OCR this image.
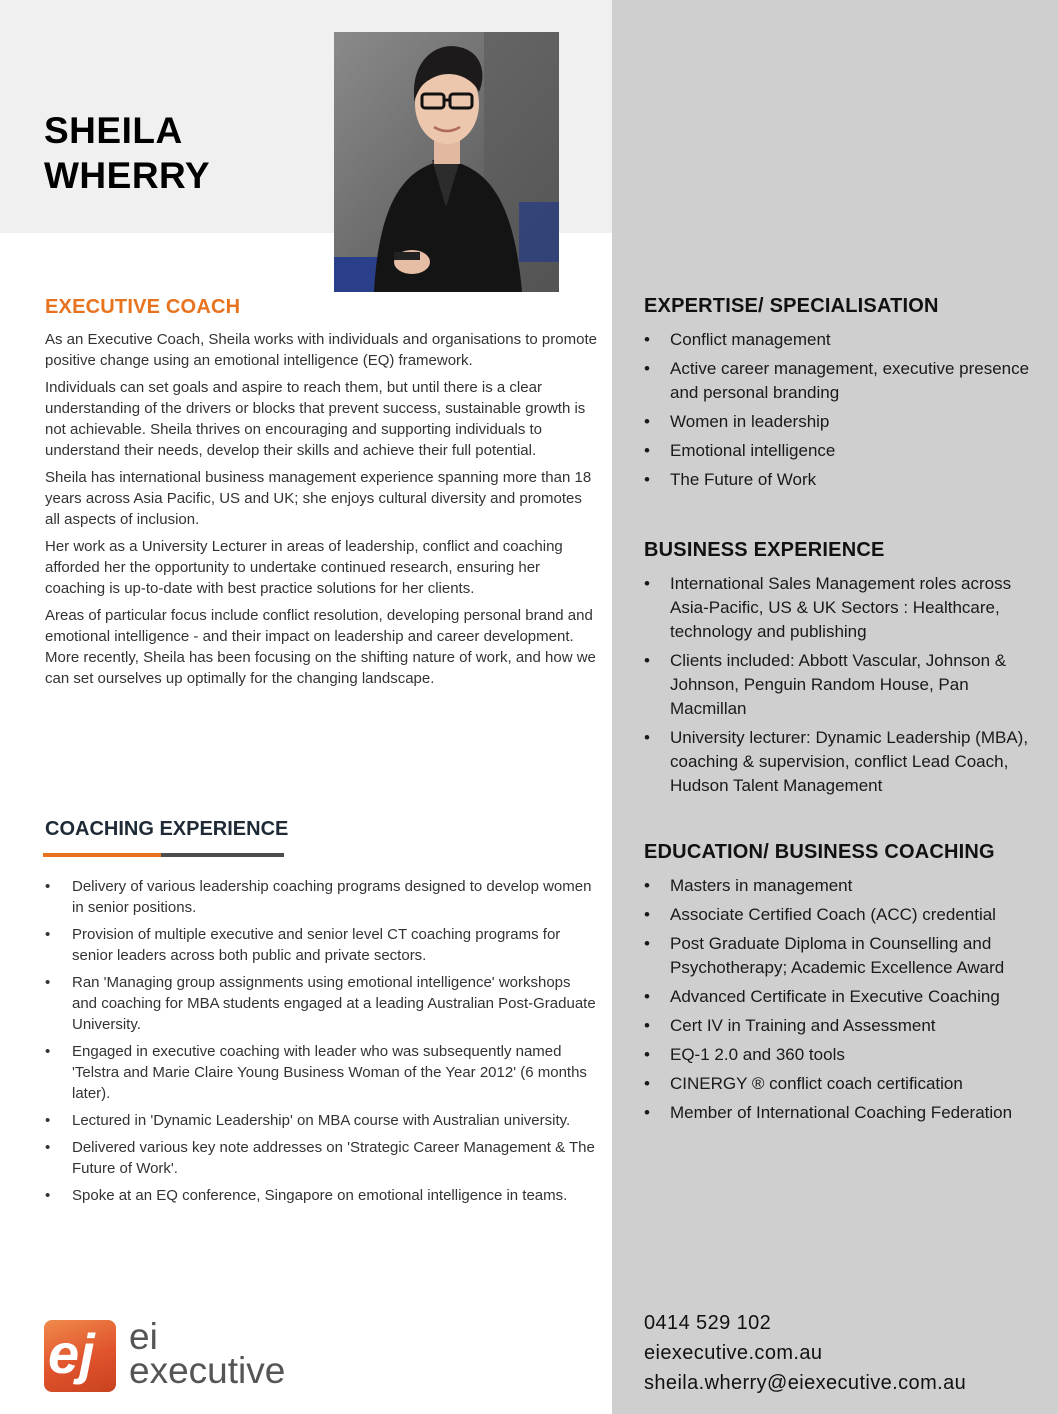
SHEILA
WHERRY
EXECUTIVE COACH

As an Executive Coach, Sheila works with individuals and organisations to promote positive change using an emotional intelligence (EQ) framework.

Individuals can set goals and aspire to reach them, but until there is a clear understanding of the drivers or blocks that prevent success, sustainable growth is not achievable. Sheila thrives on encouraging and supporting individuals to understand their needs, develop their skills and achieve their full potential.

Sheila has international business management experience spanning more than 18 years across Asia Pacific, US and UK; she enjoys cultural diversity and promotes all aspects of inclusion.

Her work as a University Lecturer in areas of leadership, conflict and coaching afforded her the opportunity to undertake continued research, ensuring her coaching is up-to-date with best practice solutions for her clients.

Areas of particular focus include conflict resolution, developing personal brand and emotional intelligence - and their impact on leadership and career development. More recently, Sheila has been focusing on the shifting nature of work, and how we can set ourselves up optimally for the changing landscape.

COACHING EXPERIENCE
• Delivery of various leadership coaching programs designed to develop women in senior positions.
• Provision of multiple executive and senior level CT coaching programs for senior leaders across both public and private sectors.
• Ran 'Managing group assignments using emotional intelligence' workshops and coaching for MBA students engaged at a leading Australian Post-Graduate University.
• Engaged in executive coaching with leader who was subsequently named 'Telstra and Marie Claire Young Business Woman of the Year 2012' (6 months later).
• Lectured in 'Dynamic Leadership' on MBA course with Australian university.
• Delivered various key note addresses on 'Strategic Career Management & The Future of Work'.
• Spoke at an EQ conference, Singapore on emotional intelligence in teams.
ej ei
executive
EXPERTISE/ SPECIALISATION
• Conflict management
• Active career management, executive presence and personal branding
• Women in leadership
• Emotional intelligence
• The Future of Work
BUSINESS EXPERIENCE
• International Sales Management roles across Asia-Pacific, US & UK Sectors : Healthcare, technology and publishing
• Clients included: Abbott Vascular, Johnson & Johnson, Penguin Random House, Pan Macmillan
• University lecturer: Dynamic Leadership (MBA), coaching & supervision, conflict Lead Coach, Hudson Talent Management
EDUCATION/ BUSINESS COACHING
• Masters in management
• Associate Certified Coach (ACC) credential
• Post Graduate Diploma in Counselling and Psychotherapy; Academic Excellence Award
• Advanced Certificate in Executive Coaching
• Cert IV in Training and Assessment
• EQ-1 2.0 and 360 tools
• CINERGY ® conflict coach certification
• Member of International Coaching Federation
0414 529 102
eiexecutive.com.au
sheila.wherry@eiexecutive.com.au
